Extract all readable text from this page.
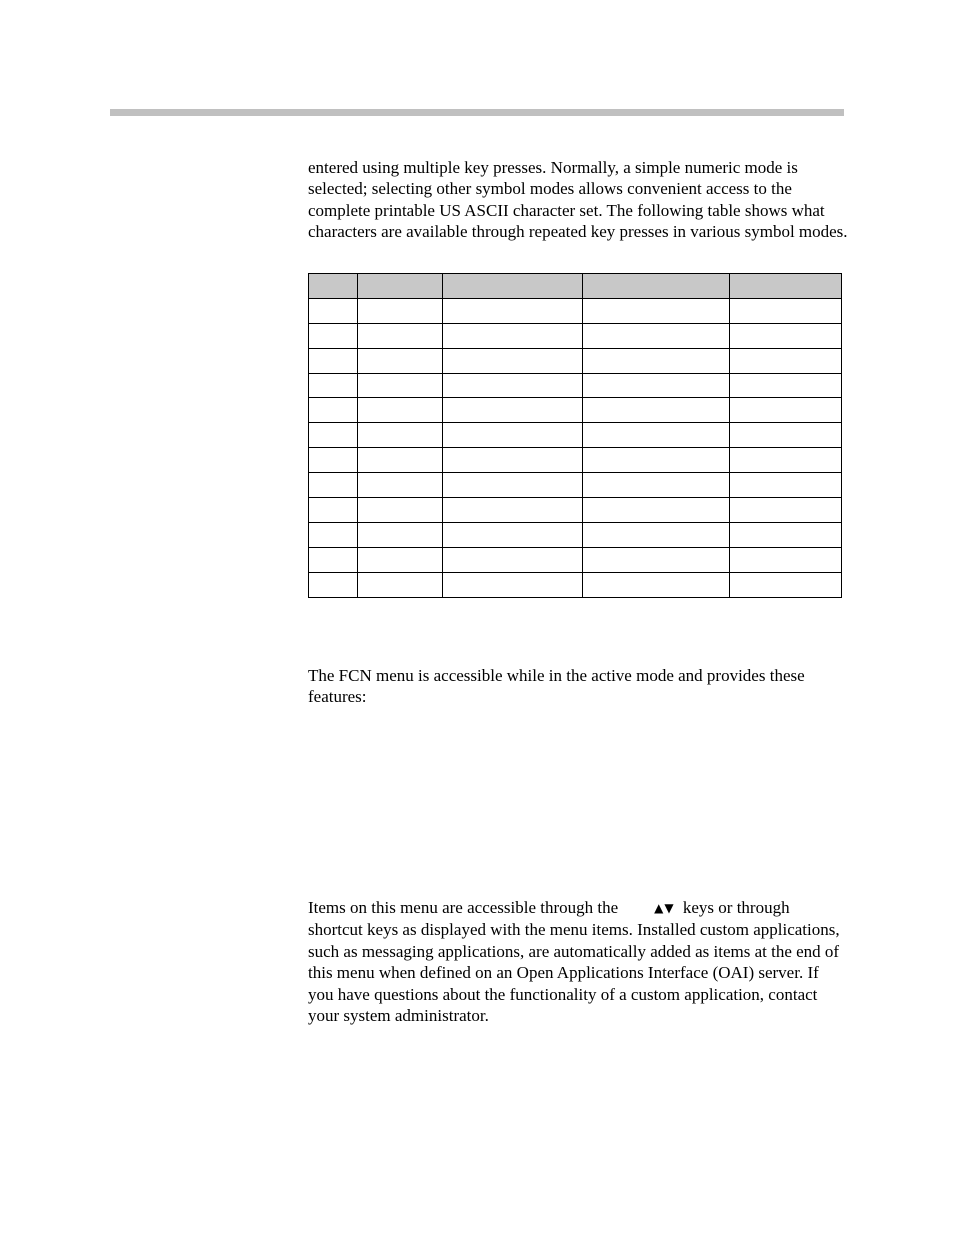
entered using multiple key presses. Normally, a simple numeric mode is selected; selecting other symbol modes allows convenient access to the complete printable US ASCII character set. The following table shows what characters are available through repeated key presses in various symbol modes.

The FCN menu is accessible while in the active mode and provides these features:

Items on this menu are accessible through the	▲▼ keys or through shortcut keys as displayed with the menu items. Installed custom applications, such as messaging applications, are automatically added as items at the end of this menu when defined on an Open Applications Interface (OAI) server. If you have questions about the functionality of a custom application, contact your system administrator.
